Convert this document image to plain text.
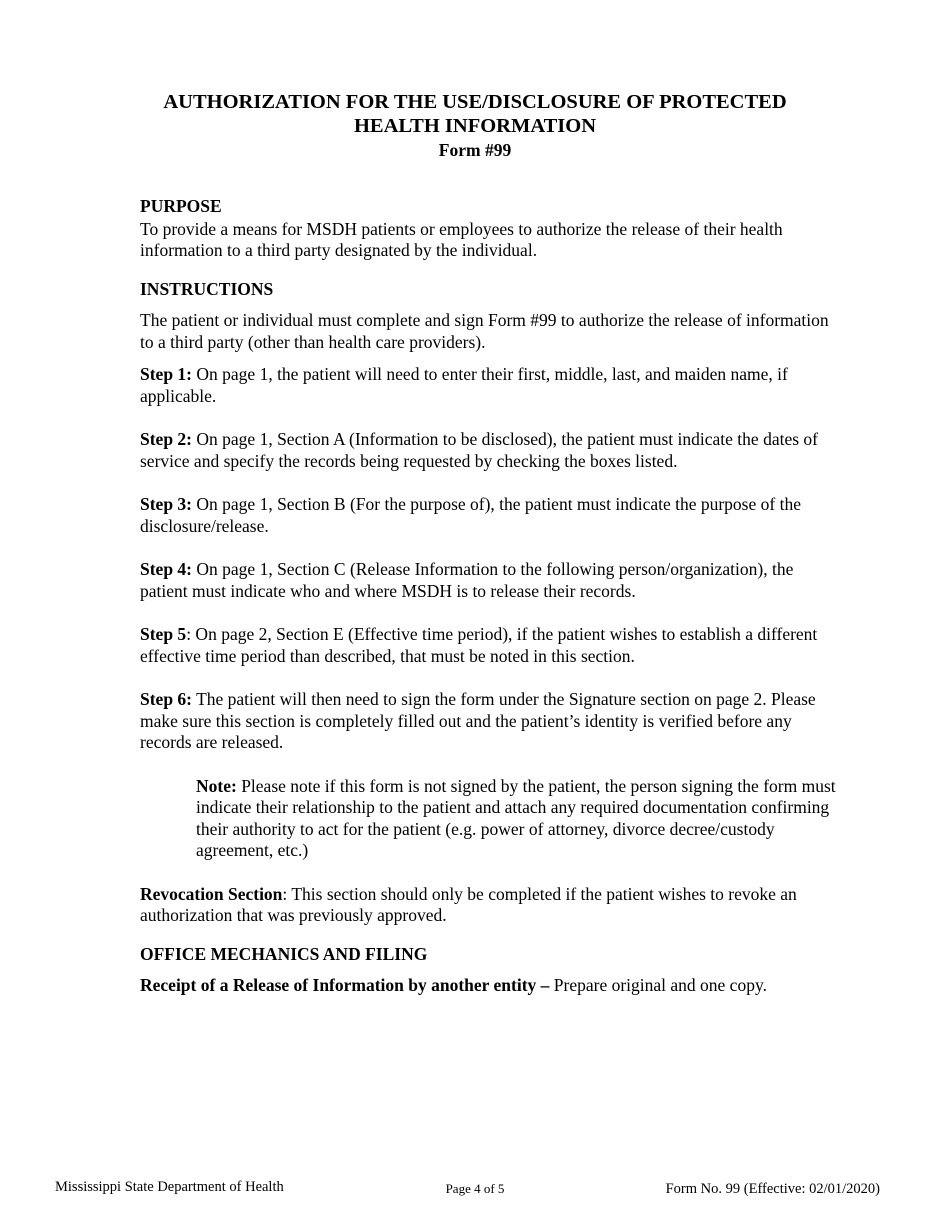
AUTHORIZATION FOR THE USE/DISCLOSURE OF PROTECTED
HEALTH INFORMATION
Form #99

PURPOSE

To provide a means for MSDH patients or employees to authorize the release of their health information to a third party designated by the individual.

INSTRUCTIONS

The patient or individual must complete and sign Form #99 to authorize the release of information to a third party (other than health care providers).

Step 1: On page 1, the patient will need to enter their first, middle, last, and maiden name, if applicable.

Step 2: On page 1, Section A (Information to be disclosed), the patient must indicate the dates of service and specify the records being requested by checking the boxes listed.

Step 3: On page 1, Section B (For the purpose of), the patient must indicate the purpose of the disclosure/release.

Step 4: On page 1, Section C (Release Information to the following person/organization), the patient must indicate who and where MSDH is to release their records.

Step 5: On page 2, Section E (Effective time period), if the patient wishes to establish a different effective time period than described, that must be noted in this section.

Step 6: The patient will then need to sign the form under the Signature section on page 2. Please make sure this section is completely filled out and the patient’s identity is verified before any records are released.

Note: Please note if this form is not signed by the patient, the person signing the form must indicate their relationship to the patient and attach any required documentation confirming their authority to act for the patient (e.g. power of attorney, divorce decree/custody agreement, etc.)

Revocation Section: This section should only be completed if the patient wishes to revoke an authorization that was previously approved.

OFFICE MECHANICS AND FILING

Receipt of a Release of Information by another entity – Prepare original and one copy.

Mississippi State Department of Health	Page 4 of 5	Form No. 99 (Effective: 02/01/2020)
